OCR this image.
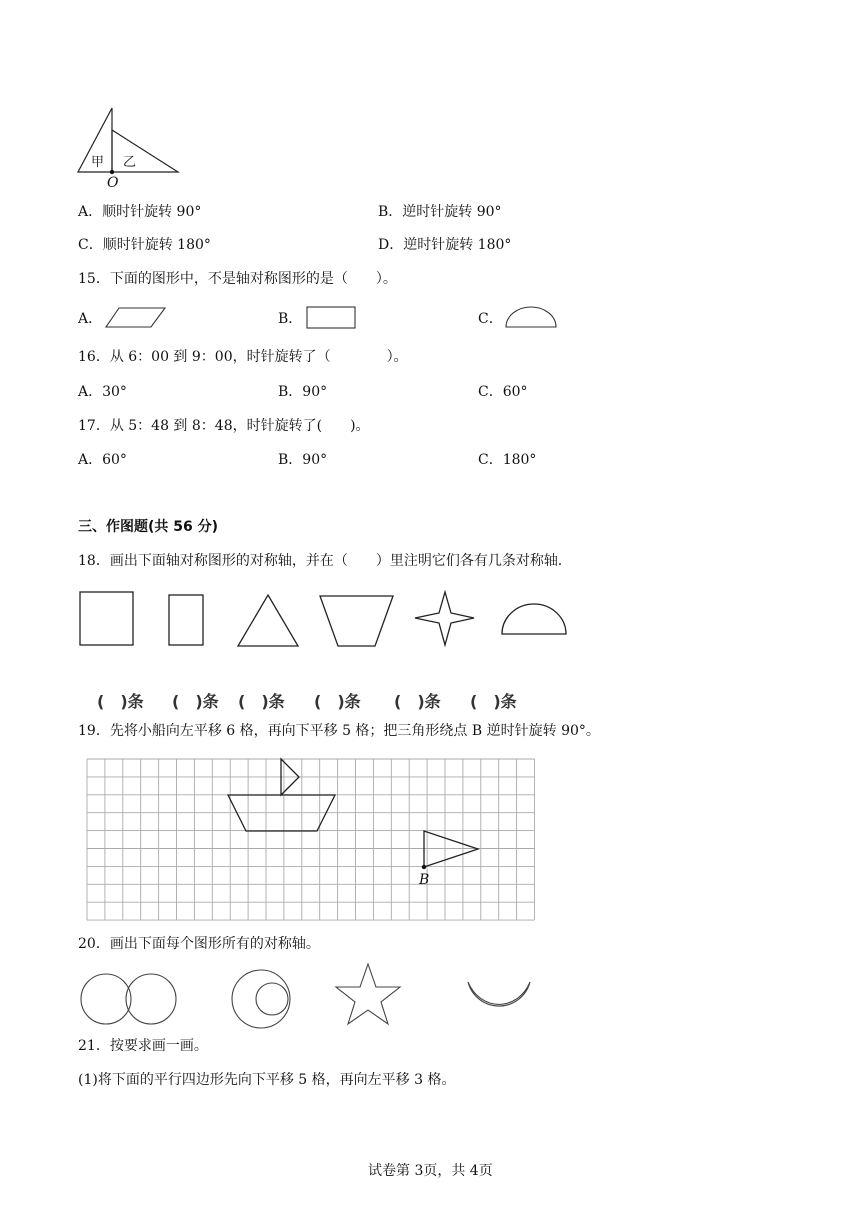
甲 乙
O
A．顺时针旋转 90°	B．逆时针旋转 90°
C．顺时针旋转 180°	D．逆时针旋转 180°
15．下面的图形中，不是轴对称图形的是（　　）。
A．	B．	C．
16．从 6：00 到 9：00，时针旋转了（　　　　）。
A．30°	B．90°	C．60°
17．从 5：48 到 8：48，时针旋转了(　　)。
A．60°	B．90°	C．180°
三、作图题(共 56 分)
18．画出下面轴对称图形的对称轴，并在（　　）里注明它们各有几条对称轴.
(　)条 (　)条 (　)条 (　)条 (　)条 (　)条
19．先将小船向左平移 6 格，再向下平移 5 格；把三角形绕点 B 逆时针旋转 90°。
B
20．画出下面每个图形所有的对称轴。
21．按要求画一画。
(1)将下面的平行四边形先向下平移 5 格，再向左平移 3 格。
试卷第 3页，共 4页
